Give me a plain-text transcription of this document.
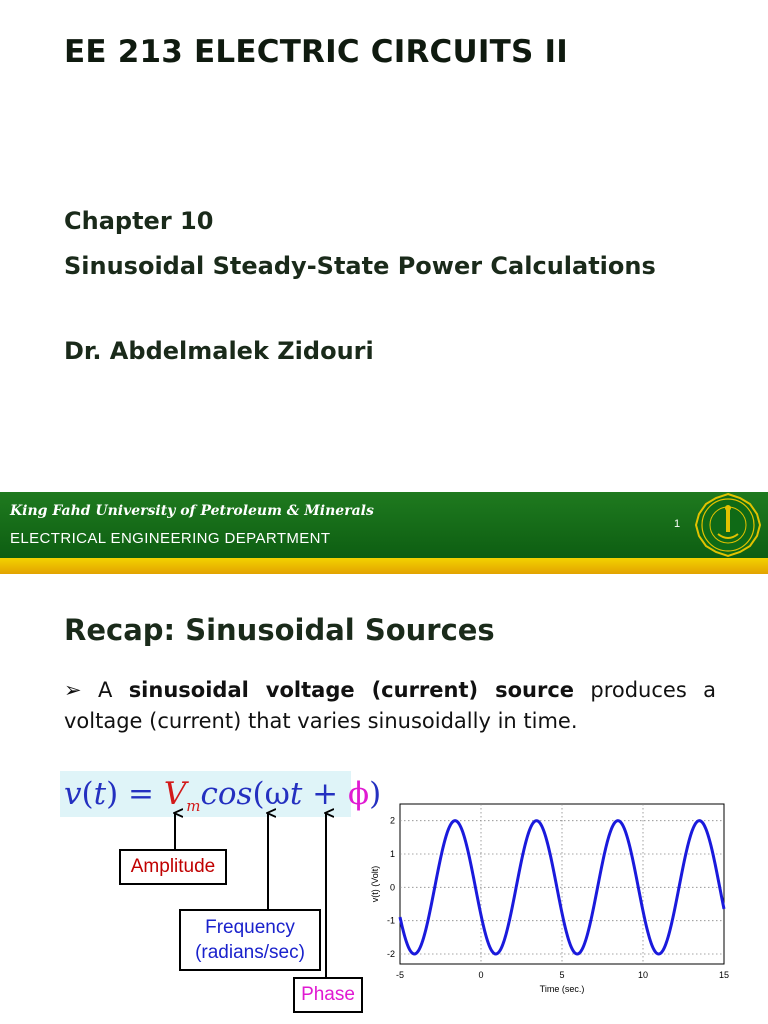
EE 213 ELECTRIC CIRCUITS II
Chapter 10
Sinusoidal Steady-State Power Calculations
Dr. Abdelmalek Zidouri
King Fahd University of Petroleum & Minerals
ELECTRICAL ENGINEERING DEPARTMENT
1
Recap: Sinusoidal Sources
➢ A sinusoidal voltage (current) source produces a voltage (current) that varies sinusoidally in time.
$v(t) = V_m\cos(\omega t + \phi)$
Amplitude
Frequency
(radians/sec)
Phase
-5	0	5	10	15
2
1
0
-1
-2
Time (sec.)
v(t) (Volt)
